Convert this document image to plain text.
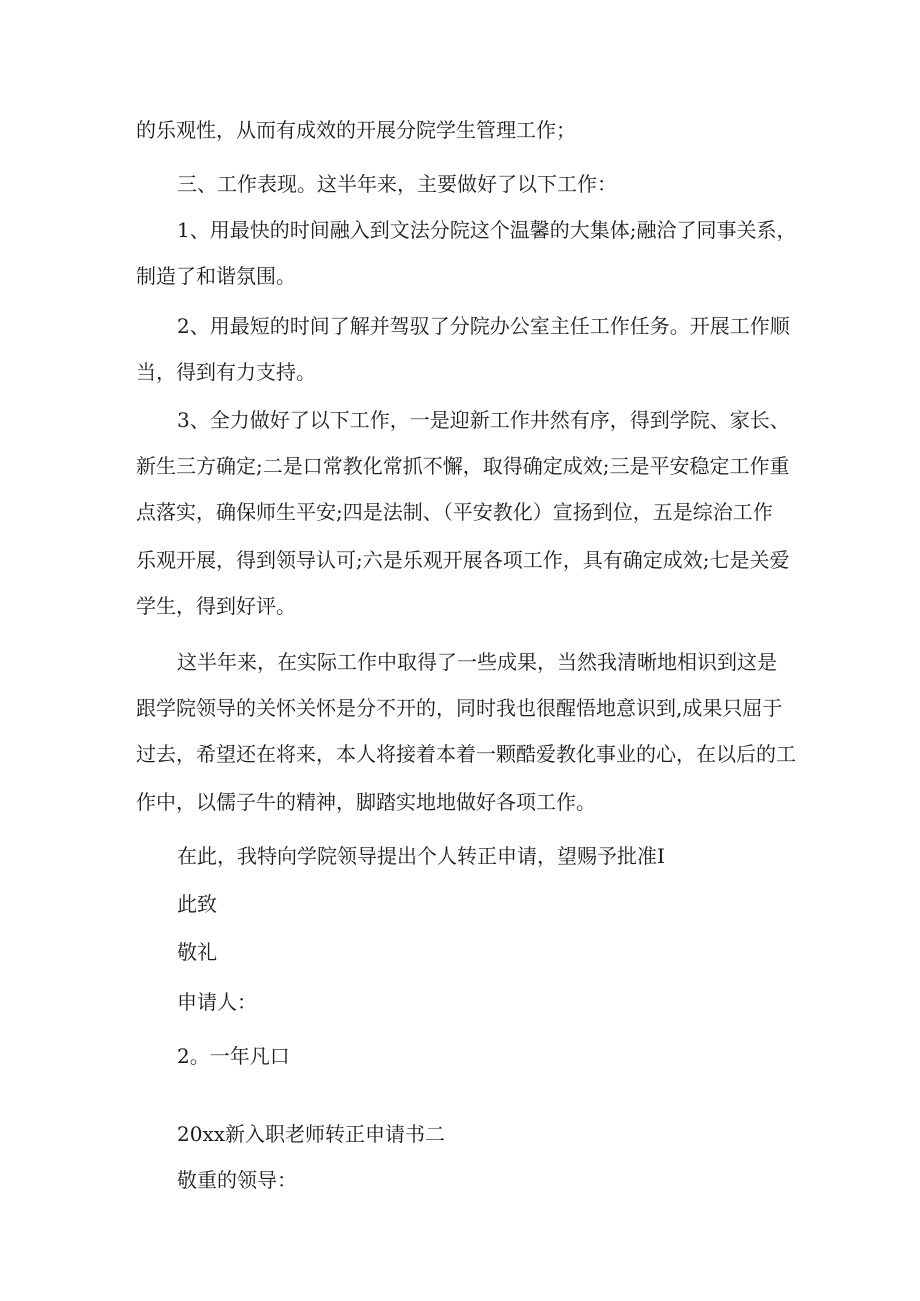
的乐观性，从而有成效的开展分院学生管理工作；

三、工作表现。这半年来，主要做好了以下工作：

1、用最快的时间融入到文法分院这个温馨的大集体;融洽了同事关系，

制造了和谐氛围。

2、用最短的时间了解并驾驭了分院办公室主任工作任务。开展工作顺

当，得到有力支持。

3、全力做好了以下工作，一是迎新工作井然有序，得到学院、家长、

新生三方确定;二是口常教化常抓不懈，取得确定成效;三是平安稳定工作重

点落实，确保师生平安;四是法制、（平安教化）宣扬到位，五是综治工作

乐观开展，得到领导认可;六是乐观开展各项工作，具有确定成效;七是关爱

学生，得到好评。

这半年来，在实际工作中取得了一些成果，当然我清晰地相识到这是

跟学院领导的关怀关怀是分不开的，同时我也很醒悟地意识到,成果只屈于

过去，希望还在将来，本人将接着本着一颗酷爱教化事业的心，在以后的工

作中，以儒子牛的精神，脚踏实地地做好各项工作。

在此，我特向学院领导提出个人转正申请，望赐予批准I

此致

敬礼

申请人：

2。一年凡口

20xx新入职老师转正申请书二

敬重的领导：
